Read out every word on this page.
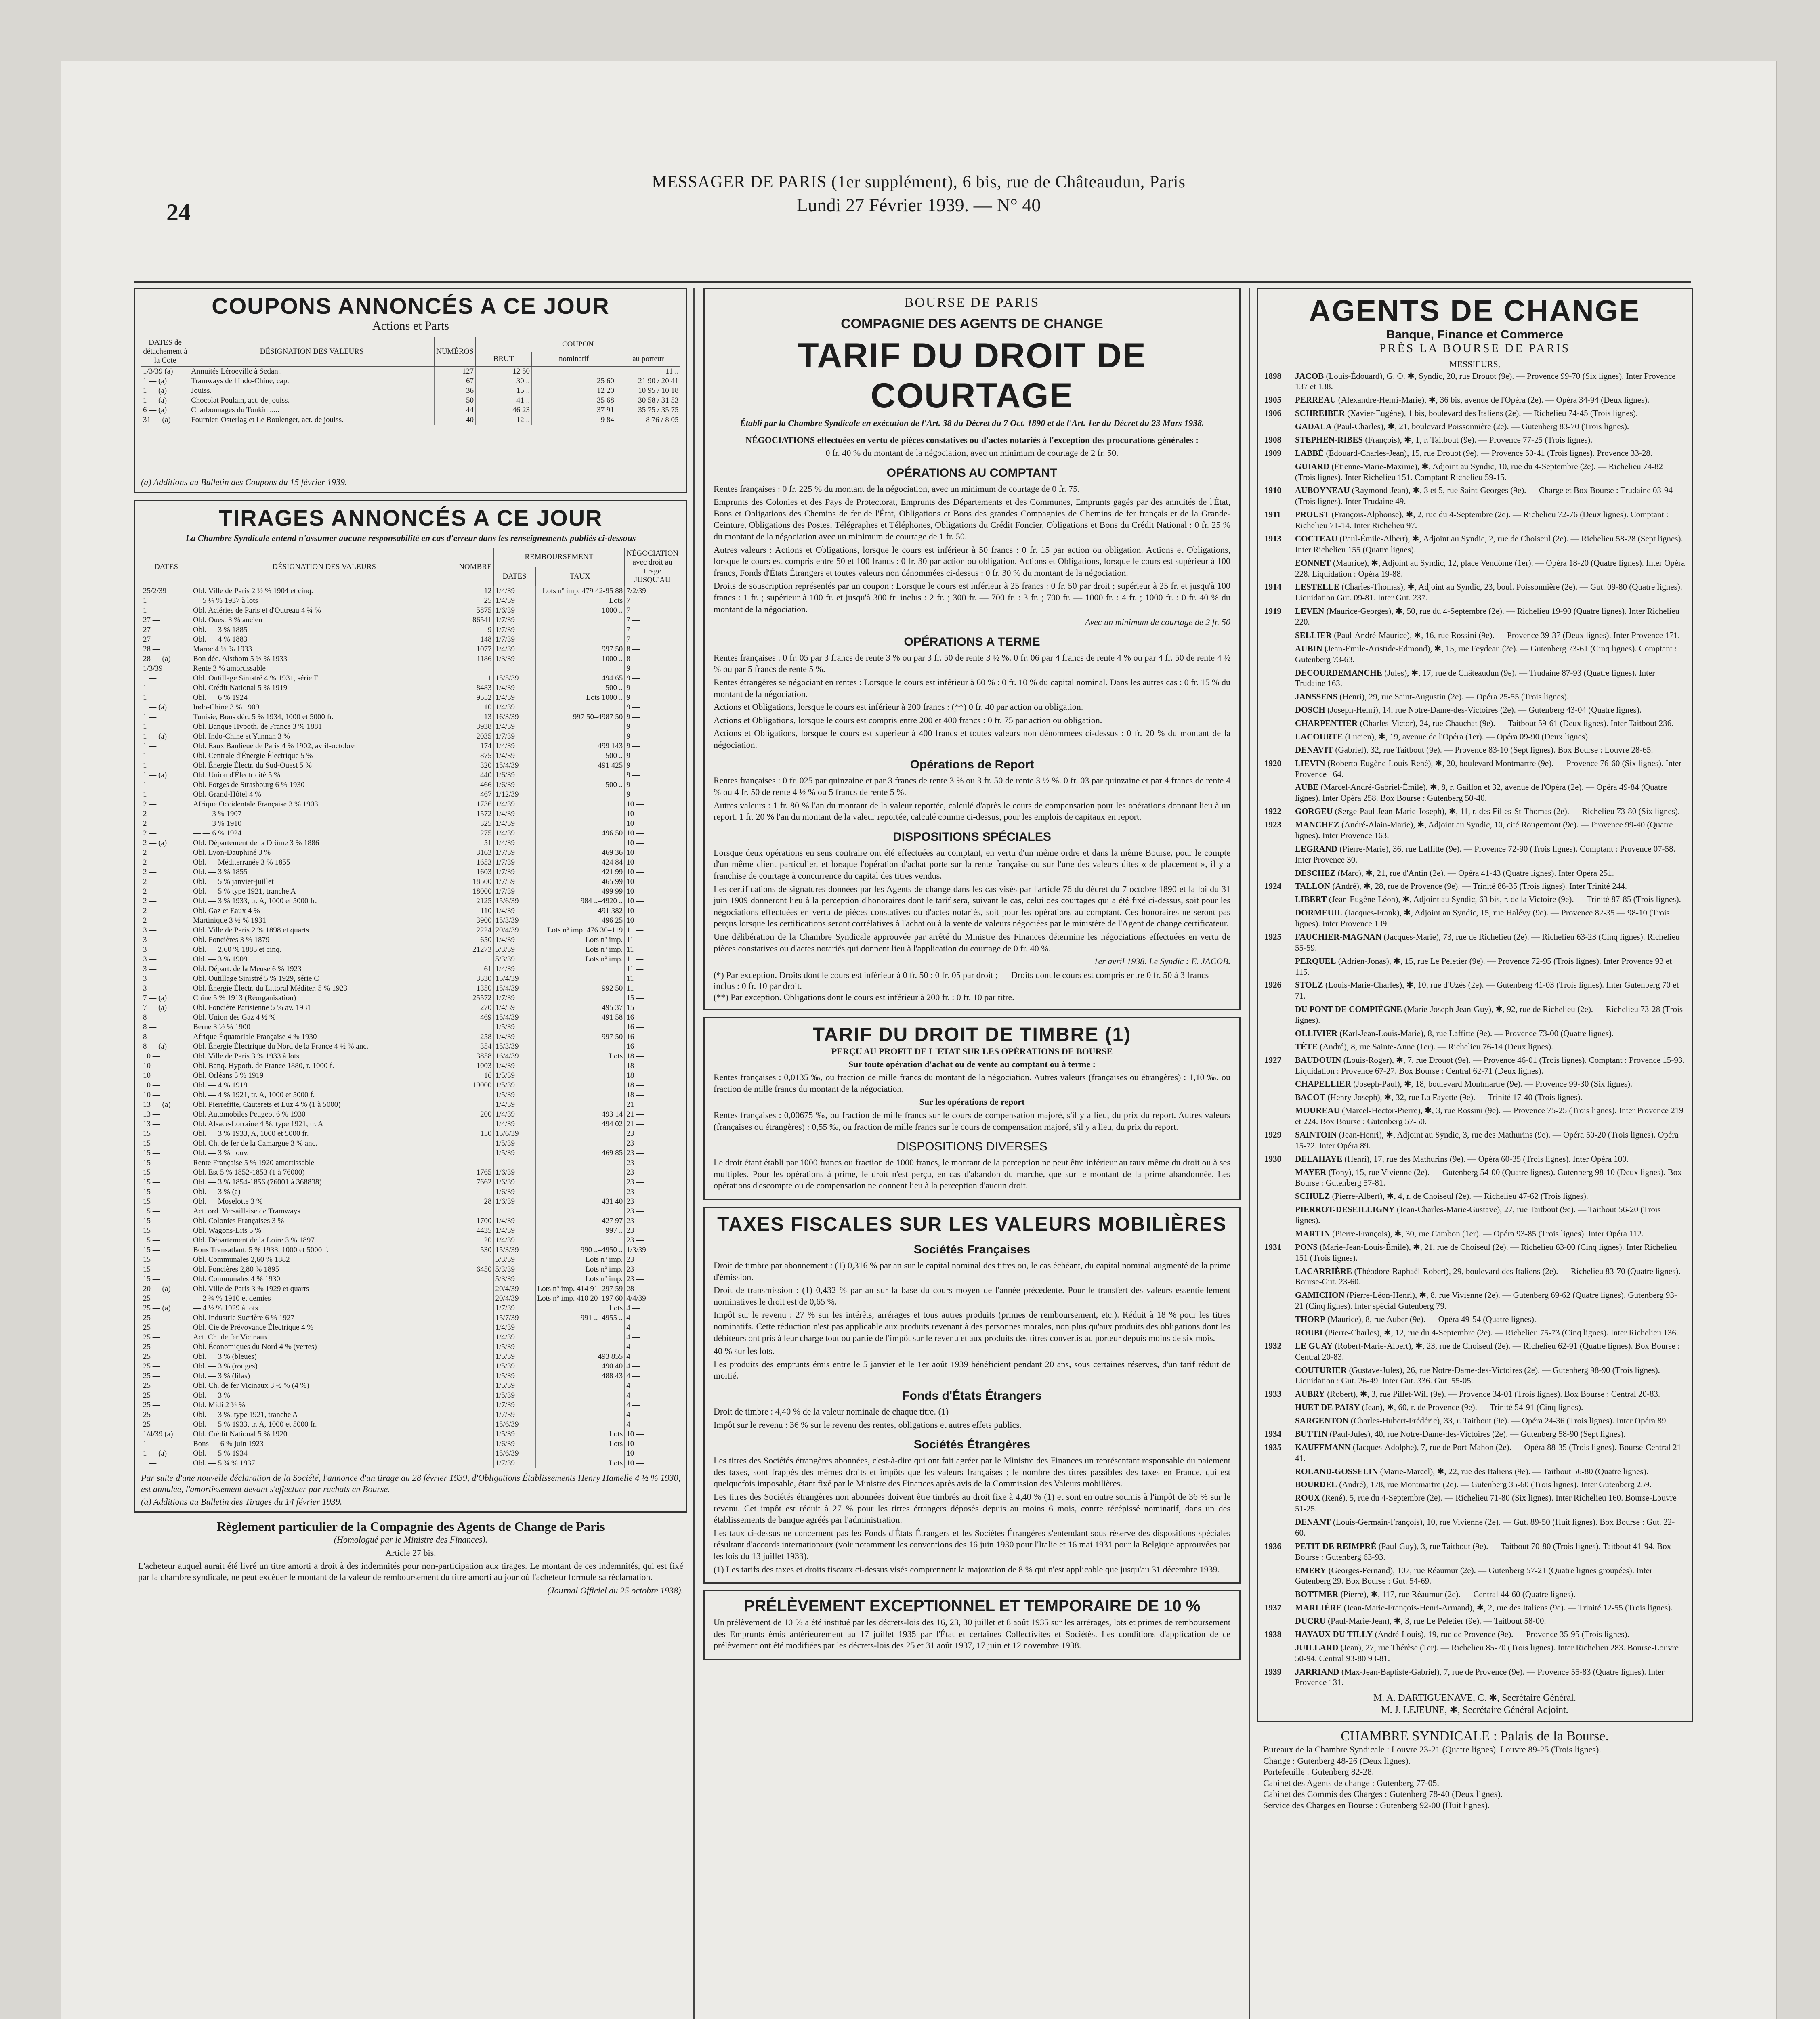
24
MESSAGER DE PARIS (1er supplément), 6 bis, rue de Châteaudun, Paris
Lundi 27 Février 1939. — N° 40
COUPONS ANNONCÉS A CE JOUR
Actions et Parts
DATES de détachement à la Cote	DÉSIGNATION DES VALEURS	NUMÉROS	COUPON		
			BRUT	nominatif	au porteur
1/3/39 (a)	Annuités Léroeville à Sedan..	127	12 50		11 ..
1 — (a)	Tramways de l'Indo-Chine, cap.	67	30 ..	25 60	21 90 / 20 41
1 — (a)	Jouiss.	36	15 ..	12 20	10 95 / 10 18
1 — (a)	Chocolat Poulain, act. de jouiss.	50	41 ..	35 68	30 58 / 31 53
6 — (a)	Charbonnages du Tonkin .....	44	46 23	37 91	35 75 / 35 75
31 — (a)	Fournier, Osterlag et Le Boulenger, act. de jouiss.	40	12 ..	9 84	8 76 / 8 05

(a) Additions au Bulletin des Coupons du 15 février 1939.
TIRAGES ANNONCÉS A CE JOUR
La Chambre Syndicale entend n'assumer aucune responsabilité en cas d'erreur dans les renseignements publiés ci-dessous
DATES	DÉSIGNATION DES VALEURS	NOMBRE	REMBOURSEMENT		NÉGOCIATION avec droit au tirage JUSQU'AU
			DATES	TAUX	
25/2/39	Obl. Ville de Paris 2 ½ % 1904 et cinq.	12	1/4/39	Lots nº imp. 479 42-95 88	7/2/39
1 —	— 5 ¼ % 1937 à lots	25	1/4/39	Lots	7 —
1 —	Obl. Aciéries de Paris et d'Outreau 4 ¾ %	5875	1/6/39	1000 ..	7 —
27 —	Obl. Ouest 3 % ancien	86541	1/7/39		7 —
27 —	Obl. — 3 % 1885	9	1/7/39		7 —
27 —	Obl. — 4 % 1883	148	1/7/39		7 —
28 —	Maroc 4 ½ % 1933	1077	1/4/39	997 50	8 —
28 — (a)	Bon déc. Alsthom 5 ½ % 1933	1186	1/3/39	1000 ..	8 —
1/3/39	Rente 3 % amortissable				9 —
1 —	Obl. Outillage Sinistré 4 % 1931, série E	1	15/5/39	494 65	9 —
1 —	Obl. Crédit National 5 % 1919	8483	1/4/39	500 ..	9 —
1 —	Obl. — 6 % 1924	9552	1/4/39	Lots 1000 ..	9 —
1 — (a)	Indo-Chine 3 % 1909	10	1/4/39		9 —
1 —	Tunisie, Bons déc. 5 % 1934, 1000 et 5000 fr.	13	16/3/39	997 50–4987 50	9 —
1 —	Obl. Banque Hypoth. de France 3 % 1881	3938	1/4/39		9 —
1 — (a)	Obl. Indo-Chine et Yunnan 3 %	2035	1/7/39		9 —
1 —	Obl. Eaux Banlieue de Paris 4 % 1902, avril-octobre	174	1/4/39	499 143	9 —
1 —	Obl. Centrale d'Énergie Électrique 5 %	875	1/4/39	500 ..	9 —
1 —	Obl. Énergie Électr. du Sud-Ouest 5 %	320	15/4/39	491 425	9 —
1 — (a)	Obl. Union d'Électricité 5 %	440	1/6/39		9 —
1 —	Obl. Forges de Strasbourg 6 % 1930	466	1/6/39	500 ..	9 —
1 —	Obl. Grand-Hôtel 4 %	467	1/12/39		9 —
2 —	Afrique Occidentale Française 3 % 1903	1736	1/4/39		10 —
2 —	— — 3 % 1907	1572	1/4/39		10 —
2 —	— — 3 % 1910	325	1/4/39		10 —
2 —	— — 6 % 1924	275	1/4/39	496 50	10 —
2 — (a)	Obl. Département de la Drôme 3 % 1886	51	1/4/39		10 —
2 —	Obl. Lyon-Dauphiné 3 %	3163	1/7/39	469 36	10 —
2 —	Obl. — Méditerranée 3 % 1855	1653	1/7/39	424 84	10 —
2 —	Obl. — 3 % 1855	1603	1/7/39	421 99	10 —
2 —	Obl. — 5 % janvier-juillet	18500	1/7/39	465 99	10 —
2 —	Obl. — 5 % type 1921, tranche A	18000	1/7/39	499 99	10 —
2 —	Obl. — 3 % 1933, tr. A, 1000 et 5000 fr.	2125	15/6/39	984 ..–4920 ..	10 —
2 —	Obl. Gaz et Eaux 4 %	110	1/4/39	491 382	10 —
2 —	Martinique 3 ½ % 1931	3900	15/3/39	496 25	10 —
3 —	Obl. Ville de Paris 2 % 1898 et quarts	2224	20/4/39	Lots nº imp. 476 30–119	11 —
3 —	Obl. Foncières 3 % 1879	650	1/4/39	Lots nº imp.	11 —
3 —	Obl. — 2,60 % 1885 et cinq.	21273	5/3/39	Lots nº imp.	11 —
3 —	Obl. — 3 % 1909		5/3/39	Lots nº imp.	11 —
3 —	Obl. Départ. de la Meuse 6 % 1923	61	1/4/39		11 —
3 —	Obl. Outillage Sinistré 5 % 1929, série C	3330	15/4/39		11 —
3 —	Obl. Énergie Électr. du Littoral Méditer. 5 % 1923	1350	15/4/39	992 50	11 —
7 — (a)	Chine 5 % 1913 (Réorganisation)	25572	1/7/39		15 —
7 — (a)	Obl. Foncière Parisienne 5 % av. 1931	270	1/4/39	495 37	15 —
8 —	Obl. Union des Gaz 4 ½ %	469	15/4/39	491 58	16 —
8 —	Berne 3 ½ % 1900		1/5/39		16 —
8 —	Afrique Équatoriale Française 4 % 1930	258	1/4/39	997 50	16 —
8 — (a)	Obl. Énergie Électrique du Nord de la France 4 ½ % anc.	354	15/3/39		16 —
10 —	Obl. Ville de Paris 3 % 1933 à lots	3858	16/4/39	Lots	18 —
10 —	Obl. Banq. Hypoth. de France 1880, r. 1000 f.	1003	1/4/39		18 —
10 —	Obl. Orléans 5 % 1919	16	1/5/39		18 —
10 —	Obl. — 4 % 1919	19000	1/5/39		18 —
10 —	Obl. — 4 % 1921, tr. A, 1000 et 5000 f.		1/5/39		18 —
13 — (a)	Obl. Pierrefitte, Cauterets et Luz 4 % (1 à 5000)		1/4/39		21 —
13 —	Obl. Automobiles Peugeot 6 % 1930	200	1/4/39	493 14	21 —
13 —	Obl. Alsace-Lorraine 4 %, type 1921, tr. A		1/4/39	494 02	21 —
15 —	Obl. — 3 % 1933, A, 1000 et 5000 fr.	150	15/6/39		23 —
15 —	Obl. Ch. de fer de la Camargue 3 % anc.		1/5/39		23 —
15 —	Obl. — 3 % nouv.		1/5/39	469 85	23 —
15 —	Rente Française 5 % 1920 amortissable				23 —
15 —	Obl. Est 5 % 1852-1853 (1 à 76000)	1765	1/6/39		23 —
15 —	Obl. — 3 % 1854-1856 (76001 à 368838)	7662	1/6/39		23 —
15 —	Obl. — 3 % (a)		1/6/39		23 —
15 —	Obl. — Moselotte 3 %	28	1/6/39	431 40	23 —
15 —	Act. ord. Versaillaise de Tramways				23 —
15 —	Obl. Colonies Françaises 3 %	1700	1/4/39	427 97	23 —
15 —	Obl. Wagons-Lits 5 %	4435	1/4/39	997 ..	23 —
15 —	Obl. Département de la Loire 3 % 1897	20	1/4/39		23 —
15 —	Bons Transatlant. 5 % 1933, 1000 et 5000 f.	530	15/3/39	990 ..–4950 ..	1/3/39
15 —	Obl. Communales 2,60 % 1882		5/3/39	Lots nº imp.	23 —
15 —	Obl. Foncières 2,80 % 1895	6450	5/3/39	Lots nº imp.	23 —
15 —	Obl. Communales 4 % 1930		5/3/39	Lots nº imp.	23 —
20 — (a)	Obl. Ville de Paris 3 % 1929 et quarts		20/4/39	Lots nº imp. 414 91–297 59	28 —
25 —	— 2 ¾ % 1910 et demies		20/4/39	Lots nº imp. 410 20–197 60	4/4/39
25 — (a)	— 4 ½ % 1929 à lots		1/7/39	Lots	4 —
25 —	Obl. Industrie Sucrière 6 % 1927		15/7/39	991 ..–4955 ..	4 —
25 —	Obl. Cie de Prévoyance Électrique 4 %		1/4/39		4 —
25 —	Act. Ch. de fer Vicinaux		1/4/39		4 —
25 —	Obl. Économiques du Nord 4 % (vertes)		1/5/39		4 —
25 —	Obl. — 3 % (bleues)		1/5/39	493 855	4 —
25 —	Obl. — 3 % (rouges)		1/5/39	490 40	4 —
25 —	Obl. — 3 % (lilas)		1/5/39	488 43	4 —
25 —	Obl. Ch. de fer Vicinaux 3 ½ % (4 %)		1/5/39		4 —
25 —	Obl. — 3 %		1/5/39		4 —
25 —	Obl. Midi 2 ½ %		1/7/39		4 —
25 —	Obl. — 3 %, type 1921, tranche A		1/7/39		4 —
25 —	Obl. — 5 % 1933, tr. A, 1000 et 5000 fr.		15/6/39		4 —
1/4/39 (a)	Obl. Crédit National 5 % 1920		1/5/39	Lots	10 —
1 —	Bons — 6 % juin 1923		1/6/39	Lots	10 —
1 — (a)	Obl. — 5 % 1934		15/6/39		10 —
1 —	Obl. — 5 ¾ % 1937		1/7/39	Lots	10 —
Par suite d'une nouvelle déclaration de la Société, l'annonce d'un tirage au 28 février 1939, d'Obligations Établissements Henry Hamelle 4 ½ % 1930, est annulée, l'amortissement devant s'effectuer par rachats en Bourse.
(a) Additions au Bulletin des Tirages du 14 février 1939.
Règlement particulier de la Compagnie des Agents de Change de Paris
(Homologué par le Ministre des Finances).
Article 27 bis.
L'acheteur auquel aurait été livré un titre amorti a droit à des indemnités pour non-participation aux tirages. Le montant de ces indemnités, qui est fixé par la chambre syndicale, ne peut excéder le montant de la valeur de remboursement du titre amorti au jour où l'acheteur formule sa réclamation.
(Journal Officiel du 25 octobre 1938).
BOURSE DE PARIS
COMPAGNIE DES AGENTS DE CHANGE
TARIF DU DROIT DE COURTAGE
Établi par la Chambre Syndicale en exécution de l'Art. 38 du Décret du 7 Oct. 1890 et de l'Art. 1er du Décret du 23 Mars 1938.
NÉGOCIATIONS effectuées en vertu de pièces constatives ou d'actes notariés à l'exception des procurations générales :
0 fr. 40 % du montant de la négociation, avec un minimum de courtage de 2 fr. 50.
OPÉRATIONS AU COMPTANT
Rentes françaises : 0 fr. 225 % du montant de la négociation, avec un minimum de courtage de 0 fr. 75.
Emprunts des Colonies et des Pays de Protectorat, Emprunts des Départements et des Communes, Emprunts gagés par des annuités de l'État, Bons et Obligations des Chemins de fer de l'État, Obligations et Bons des grandes Compagnies de Chemins de fer français et de la Grande-Ceinture, Obligations des Postes, Télégraphes et Téléphones, Obligations du Crédit Foncier, Obligations et Bons du Crédit National : 0 fr. 25 % du montant de la négociation avec un minimum de courtage de 1 fr. 50.
Autres valeurs : Actions et Obligations, lorsque le cours est inférieur à 50 francs : 0 fr. 15 par action ou obligation. Actions et Obligations, lorsque le cours est compris entre 50 et 100 francs : 0 fr. 30 par action ou obligation. Actions et Obligations, lorsque le cours est supérieur à 100 francs, Fonds d'États Étrangers et toutes valeurs non dénommées ci-dessus : 0 fr. 30 % du montant de la négociation.
Droits de souscription représentés par un coupon : Lorsque le cours est inférieur à 25 francs : 0 fr. 50 par droit ; supérieur à 25 fr. et jusqu'à 100 francs : 1 fr. ; supérieur à 100 fr. et jusqu'à 300 fr. inclus : 2 fr. ; 300 fr. — 700 fr. : 3 fr. ; 700 fr. — 1000 fr. : 4 fr. ; 1000 fr. : 0 fr. 40 % du montant de la négociation.
Avec un minimum de courtage de 2 fr. 50
OPÉRATIONS A TERME
Rentes françaises : 0 fr. 05 par 3 francs de rente 3 % ou par 3 fr. 50 de rente 3 ½ %. 0 fr. 06 par 4 francs de rente 4 % ou par 4 fr. 50 de rente 4 ½ % ou par 5 francs de rente 5 %.
Rentes étrangères se négociant en rentes : Lorsque le cours est inférieur à 60 % : 0 fr. 10 % du capital nominal. Dans les autres cas : 0 fr. 15 % du montant de la négociation.
Actions et Obligations, lorsque le cours est inférieur à 200 francs : (**) 0 fr. 40 par action ou obligation.
Actions et Obligations, lorsque le cours est compris entre 200 et 400 francs : 0 fr. 75 par action ou obligation.
Actions et Obligations, lorsque le cours est supérieur à 400 francs et toutes valeurs non dénommées ci-dessus : 0 fr. 20 % du montant de la négociation.
Opérations de Report
Rentes françaises : 0 fr. 025 par quinzaine et par 3 francs de rente 3 % ou 3 fr. 50 de rente 3 ½ %. 0 fr. 03 par quinzaine et par 4 francs de rente 4 % ou 4 fr. 50 de rente 4 ½ % ou 5 francs de rente 5 %.
Autres valeurs : 1 fr. 80 % l'an du montant de la valeur reportée, calculé d'après le cours de compensation pour les opérations donnant lieu à un report. 1 fr. 20 % l'an du montant de la valeur reportée, calculé comme ci-dessus, pour les emplois de capitaux en report.
DISPOSITIONS SPÉCIALES
Lorsque deux opérations en sens contraire ont été effectuées au comptant, en vertu d'un même ordre et dans la même Bourse, pour le compte d'un même client particulier, et lorsque l'opération d'achat porte sur la rente française ou sur l'une des valeurs dites « de placement », il y a franchise de courtage à concurrence du capital des titres vendus.
Les certifications de signatures données par les Agents de change dans les cas visés par l'article 76 du décret du 7 octobre 1890 et la loi du 31 juin 1909 donneront lieu à la perception d'honoraires dont le tarif sera, suivant le cas, celui des courtages qui a été fixé ci-dessus, soit pour les négociations effectuées en vertu de pièces constatives ou d'actes notariés, soit pour les opérations au comptant. Ces honoraires ne seront pas perçus lorsque les certifications seront corrélatives à l'achat ou à la vente de valeurs négociées par le ministère de l'Agent de change certificateur.
Une délibération de la Chambre Syndicale approuvée par arrêté du Ministre des Finances détermine les négociations effectuées en vertu de pièces constatives ou d'actes notariés qui donnent lieu à l'application du courtage de 0 fr. 40 %.
1er avril 1938. Le Syndic : E. JACOB.
(*) Par exception. Droits dont le cours est inférieur à 0 fr. 50 : 0 fr. 05 par droit ; — Droits dont le cours est compris entre 0 fr. 50 à 3 francs inclus : 0 fr. 10 par droit.
(**) Par exception. Obligations dont le cours est inférieur à 200 fr. : 0 fr. 10 par titre.
TARIF DU DROIT DE TIMBRE (1)
PERÇU AU PROFIT DE L'ÉTAT SUR LES OPÉRATIONS DE BOURSE
Sur toute opération d'achat ou de vente au comptant ou à terme :
Rentes françaises : 0,0135 ‰, ou fraction de mille francs du montant de la négociation. Autres valeurs (françaises ou étrangères) : 1,10 ‰, ou fraction de mille francs du montant de la négociation.
Sur les opérations de report
Rentes françaises : 0,00675 ‰, ou fraction de mille francs sur le cours de compensation majoré, s'il y a lieu, du prix du report. Autres valeurs (françaises ou étrangères) : 0,55 ‰, ou fraction de mille francs sur le cours de compensation majoré, s'il y a lieu, du prix du report.
DISPOSITIONS DIVERSES
Le droit étant établi par 1000 francs ou fraction de 1000 francs, le montant de la perception ne peut être inférieur au taux même du droit ou à ses multiples. Pour les opérations à prime, le droit n'est perçu, en cas d'abandon du marché, que sur le montant de la prime abandonnée. Les opérations d'escompte ou de compensation ne donnent lieu à la perception d'aucun droit.
TAXES FISCALES SUR LES VALEURS MOBILIÈRES
Sociétés Françaises
Droit de timbre par abonnement : (1) 0,316 % par an sur le capital nominal des titres ou, le cas échéant, du capital nominal augmenté de la prime d'émission.
Droit de transmission : (1) 0,432 % par an sur la base du cours moyen de l'année précédente. Pour le transfert des valeurs essentiellement nominatives le droit est de 0,65 %.
Impôt sur le revenu : 27 % sur les intérêts, arrérages et tous autres produits (primes de remboursement, etc.). Réduit à 18 % pour les titres nominatifs. Cette réduction n'est pas applicable aux produits revenant à des personnes morales, non plus qu'aux produits des obligations dont les débiteurs ont pris à leur charge tout ou partie de l'impôt sur le revenu et aux produits des titres convertis au porteur depuis moins de six mois.
40 % sur les lots.
Les produits des emprunts émis entre le 5 janvier et le 1er août 1939 bénéficient pendant 20 ans, sous certaines réserves, d'un tarif réduit de moitié.
Fonds d'États Étrangers
Droit de timbre : 4,40 % de la valeur nominale de chaque titre. (1)
Impôt sur le revenu : 36 % sur le revenu des rentes, obligations et autres effets publics.
Sociétés Étrangères
Les titres des Sociétés étrangères abonnées, c'est-à-dire qui ont fait agréer par le Ministre des Finances un représentant responsable du paiement des taxes, sont frappés des mêmes droits et impôts que les valeurs françaises ; le nombre des titres passibles des taxes en France, qui est quelquefois imposable, étant fixé par le Ministre des Finances après avis de la Commission des Valeurs mobilières.
Les titres des Sociétés étrangères non abonnées doivent être timbrés au droit fixe à 4,40 % (1) et sont en outre soumis à l'impôt de 36 % sur le revenu. Cet impôt est réduit à 27 % pour les titres étrangers déposés depuis au moins 6 mois, contre récépissé nominatif, dans un des établissements de banque agréés par l'administration.
Les taux ci-dessus ne concernent pas les Fonds d'États Étrangers et les Sociétés Étrangères s'entendant sous réserve des dispositions spéciales résultant d'accords internationaux (voir notamment les conventions des 16 juin 1930 pour l'Italie et 16 mai 1931 pour la Belgique approuvées par les lois du 13 juillet 1933).
(1) Les tarifs des taxes et droits fiscaux ci-dessus visés comprennent la majoration de 8 % qui n'est applicable que jusqu'au 31 décembre 1939.
PRÉLÈVEMENT EXCEPTIONNEL ET TEMPORAIRE DE 10 %
Un prélèvement de 10 % a été institué par les décrets-lois des 16, 23, 30 juillet et 8 août 1935 sur les arrérages, lots et primes de remboursement des Emprunts émis antérieurement au 17 juillet 1935 par l'État et certaines Collectivités et Sociétés. Les conditions d'application de ce prélèvement ont été modifiées par les décrets-lois des 25 et 31 août 1937, 17 juin et 12 novembre 1938.
AGENTS DE CHANGE
Banque, Finance et Commerce
PRÈS LA BOURSE DE PARIS
MESSIEURS,
1898 JACOB (Louis-Édouard), G. O. ✱, Syndic, 20, rue Drouot (9e). — Provence 99-70 (Six lignes). Inter Provence 137 et 138.
1905 PERREAU (Alexandre-Henri-Marie), ✱, 36 bis, avenue de l'Opéra (2e). — Opéra 34-94 (Deux lignes).
1906 SCHREIBER (Xavier-Eugène), 1 bis, boulevard des Italiens (2e). — Richelieu 74-45 (Trois lignes).
GADALA (Paul-Charles), ✱, 21, boulevard Poissonnière (2e). — Gutenberg 83-70 (Trois lignes).
1908 STEPHEN-RIBES (François), ✱, 1, r. Taitbout (9e). — Provence 77-25 (Trois lignes).
1909 LABBÉ (Édouard-Charles-Jean), 15, rue Drouot (9e). — Provence 50-41 (Trois lignes). Provence 33-28.
GUIARD (Étienne-Marie-Maxime), ✱, Adjoint au Syndic, 10, rue du 4-Septembre (2e). — Richelieu 74-82 (Trois lignes). Inter Richelieu 151. Comptant Richelieu 59-15.
1910 AUBOYNEAU (Raymond-Jean), ✱, 3 et 5, rue Saint-Georges (9e). — Charge et Box Bourse : Trudaine 03-94 (Trois lignes). Inter Trudaine 49.
1911 PROUST (François-Alphonse), ✱, 2, rue du 4-Septembre (2e). — Richelieu 72-76 (Deux lignes). Comptant : Richelieu 71-14. Inter Richelieu 97.
1913 COCTEAU (Paul-Émile-Albert), ✱, Adjoint au Syndic, 2, rue de Choiseul (2e). — Richelieu 58-28 (Sept lignes). Inter Richelieu 155 (Quatre lignes).
EONNET (Maurice), ✱, Adjoint au Syndic, 12, place Vendôme (1er). — Opéra 18-20 (Quatre lignes). Inter Opéra 228. Liquidation : Opéra 19-88.
1914 LESTELLE (Charles-Thomas), ✱, Adjoint au Syndic, 23, boul. Poissonnière (2e). — Gut. 09-80 (Quatre lignes). Liquidation Gut. 09-81. Inter Gut. 237.
1919 LEVEN (Maurice-Georges), ✱, 50, rue du 4-Septembre (2e). — Richelieu 19-90 (Quatre lignes). Inter Richelieu 220.
SELLIER (Paul-André-Maurice), ✱, 16, rue Rossini (9e). — Provence 39-37 (Deux lignes). Inter Provence 171.
AUBIN (Jean-Émile-Aristide-Edmond), ✱, 15, rue Feydeau (2e). — Gutenberg 73-61 (Cinq lignes). Comptant : Gutenberg 73-63.
DECOURDEMANCHE (Jules), ✱, 17, rue de Châteaudun (9e). — Trudaine 87-93 (Quatre lignes). Inter Trudaine 163.
JANSSENS (Henri), 29, rue Saint-Augustin (2e). — Opéra 25-55 (Trois lignes).
DOSCH (Joseph-Henri), 14, rue Notre-Dame-des-Victoires (2e). — Gutenberg 43-04 (Quatre lignes).
CHARPENTIER (Charles-Victor), 24, rue Chauchat (9e). — Taitbout 59-61 (Deux lignes). Inter Taitbout 236.
LACOURTE (Lucien), ✱, 19, avenue de l'Opéra (1er). — Opéra 09-90 (Deux lignes).
DENAVIT (Gabriel), 32, rue Taitbout (9e). — Provence 83-10 (Sept lignes). Box Bourse : Louvre 28-65.
1920 LIEVIN (Roberto-Eugène-Louis-René), ✱, 20, boulevard Montmartre (9e). — Provence 76-60 (Six lignes). Inter Provence 164.
AUBE (Marcel-André-Gabriel-Émile), ✱, 8, r. Gaillon et 32, avenue de l'Opéra (2e). — Opéra 49-84 (Quatre lignes). Inter Opéra 258. Box Bourse : Gutenberg 50-40.
1922 GORGEU (Serge-Paul-Jean-Marie-Joseph), ✱, 11, r. des Filles-St-Thomas (2e). — Richelieu 73-80 (Six lignes).
1923 MANCHEZ (André-Alain-Marie), ✱, Adjoint au Syndic, 10, cité Rougemont (9e). — Provence 99-40 (Quatre lignes). Inter Provence 163.
LEGRAND (Pierre-Marie), 36, rue Laffitte (9e). — Provence 72-90 (Trois lignes). Comptant : Provence 07-58. Inter Provence 30.
DESCHEZ (Marc), ✱, 21, rue d'Antin (2e). — Opéra 41-43 (Quatre lignes). Inter Opéra 251.
1924 TALLON (André), ✱, 28, rue de Provence (9e). — Trinité 86-35 (Trois lignes). Inter Trinité 244.
LIBERT (Jean-Eugène-Léon), ✱, Adjoint au Syndic, 63 bis, r. de la Victoire (9e). — Trinité 87-85 (Trois lignes).
DORMEUIL (Jacques-Frank), ✱, Adjoint au Syndic, 15, rue Halévy (9e). — Provence 82-35 — 98-10 (Trois lignes). Inter Provence 139.
1925 FAUCHIER-MAGNAN (Jacques-Marie), 73, rue de Richelieu (2e). — Richelieu 63-23 (Cinq lignes). Richelieu 55-59.
PERQUEL (Adrien-Jonas), ✱, 15, rue Le Peletier (9e). — Provence 72-95 (Trois lignes). Inter Provence 93 et 115.
1926 STOLZ (Louis-Marie-Charles), ✱, 10, rue d'Uzès (2e). — Gutenberg 41-03 (Trois lignes). Inter Gutenberg 70 et 71.
DU PONT DE COMPIÈGNE (Marie-Joseph-Jean-Guy), ✱, 92, rue de Richelieu (2e). — Richelieu 73-28 (Trois lignes).
OLLIVIER (Karl-Jean-Louis-Marie), 8, rue Laffitte (9e). — Provence 73-00 (Quatre lignes).
TÊTE (André), 8, rue Sainte-Anne (1er). — Richelieu 76-14 (Deux lignes).
1927 BAUDOUIN (Louis-Roger), ✱, 7, rue Drouot (9e). — Provence 46-01 (Trois lignes). Comptant : Provence 15-93. Liquidation : Provence 67-27. Box Bourse : Central 62-71 (Deux lignes).
CHAPELLIER (Joseph-Paul), ✱, 18, boulevard Montmartre (9e). — Provence 99-30 (Six lignes).
BACOT (Henry-Joseph), ✱, 32, rue La Fayette (9e). — Trinité 17-40 (Trois lignes).
MOUREAU (Marcel-Hector-Pierre), ✱, 3, rue Rossini (9e). — Provence 75-25 (Trois lignes). Inter Provence 219 et 224. Box Bourse : Gutenberg 57-50.
1929 SAINTOIN (Jean-Henri), ✱, Adjoint au Syndic, 3, rue des Mathurins (9e). — Opéra 50-20 (Trois lignes). Opéra 15-72. Inter Opéra 89.
1930 DELAHAYE (Henri), 17, rue des Mathurins (9e). — Opéra 60-35 (Trois lignes). Inter Opéra 100.
MAYER (Tony), 15, rue Vivienne (2e). — Gutenberg 54-00 (Quatre lignes). Gutenberg 98-10 (Deux lignes). Box Bourse : Gutenberg 57-81.
SCHULZ (Pierre-Albert), ✱, 4, r. de Choiseul (2e). — Richelieu 47-62 (Trois lignes).
PIERROT-DESEILLIGNY (Jean-Charles-Marie-Gustave), 27, rue Taitbout (9e). — Taitbout 56-20 (Trois lignes).
MARTIN (Pierre-François), ✱, 30, rue Cambon (1er). — Opéra 93-85 (Trois lignes). Inter Opéra 112.
1931 PONS (Marie-Jean-Louis-Émile), ✱, 21, rue de Choiseul (2e). — Richelieu 63-00 (Cinq lignes). Inter Richelieu 151 (Trois lignes).
LACARRIÈRE (Théodore-Raphaël-Robert), 29, boulevard des Italiens (2e). — Richelieu 83-70 (Quatre lignes). Bourse-Gut. 23-60.
GAMICHON (Pierre-Léon-Henri), ✱, 8, rue Vivienne (2e). — Gutenberg 69-62 (Quatre lignes). Gutenberg 93-21 (Cinq lignes). Inter spécial Gutenberg 79.
THORP (Maurice), 8, rue Auber (9e). — Opéra 49-54 (Quatre lignes).
ROUBI (Pierre-Charles), ✱, 12, rue du 4-Septembre (2e). — Richelieu 75-73 (Cinq lignes). Inter Richelieu 136.
1932 LE GUAY (Robert-Marie-Albert), ✱, 23, rue de Choiseul (2e). — Richelieu 62-91 (Quatre lignes). Box Bourse : Central 20-83.
COUTURIER (Gustave-Jules), 26, rue Notre-Dame-des-Victoires (2e). — Gutenberg 98-90 (Trois lignes). Liquidation : Gut. 26-49. Inter Gut. 336. Gut. 55-05.
1933 AUBRY (Robert), ✱, 3, rue Pillet-Will (9e). — Provence 34-01 (Trois lignes). Box Bourse : Central 20-83.
HUET DE PAISY (Jean), ✱, 60, r. de Provence (9e). — Trinité 54-91 (Cinq lignes).
SARGENTON (Charles-Hubert-Frédéric), 33, r. Taitbout (9e). — Opéra 24-36 (Trois lignes). Inter Opéra 89.
1934 BUTTIN (Paul-Jules), 40, rue Notre-Dame-des-Victoires (2e). — Gutenberg 58-90 (Sept lignes).
1935 KAUFFMANN (Jacques-Adolphe), 7, rue de Port-Mahon (2e). — Opéra 88-35 (Trois lignes). Bourse-Central 21-41.
ROLAND-GOSSELIN (Marie-Marcel), ✱, 22, rue des Italiens (9e). — Taitbout 56-80 (Quatre lignes).
BOURDEL (André), 178, rue Montmartre (2e). — Gutenberg 35-60 (Trois lignes). Inter Gutenberg 259.
ROUX (René), 5, rue du 4-Septembre (2e). — Richelieu 71-80 (Six lignes). Inter Richelieu 160. Bourse-Louvre 51-25.
DENANT (Louis-Germain-François), 10, rue Vivienne (2e). — Gut. 89-50 (Huit lignes). Box Bourse : Gut. 22-60.
1936 PETIT DE REIMPRÉ (Paul-Guy), 3, rue Taitbout (9e). — Taitbout 70-80 (Trois lignes). Taitbout 41-94. Box Bourse : Gutenberg 63-93.
EMERY (Georges-Fernand), 107, rue Réaumur (2e). — Gutenberg 57-21 (Quatre lignes groupées). Inter Gutenberg 29. Box Bourse : Gut. 54-69.
BOTTMER (Pierre), ✱, 117, rue Réaumur (2e). — Central 44-60 (Quatre lignes).
1937 MARLIÈRE (Jean-Marie-François-Henri-Armand), ✱, 2, rue des Italiens (9e). — Trinité 12-55 (Trois lignes).
DUCRU (Paul-Marie-Jean), ✱, 3, rue Le Peletier (9e). — Taitbout 58-00.
1938 HAYAUX DU TILLY (André-Louis), 19, rue de Provence (9e). — Provence 35-95 (Trois lignes).
JUILLARD (Jean), 27, rue Thérèse (1er). — Richelieu 85-70 (Trois lignes). Inter Richelieu 283. Bourse-Louvre 50-94. Central 93-80 93-81.
1939 JARRIAND (Max-Jean-Baptiste-Gabriel), 7, rue de Provence (9e). — Provence 55-83 (Quatre lignes). Inter Provence 131.
M. A. DARTIGUENAVE, C. ✱, Secrétaire Général.
M. J. LEJEUNE, ✱, Secrétaire Général Adjoint.
CHAMBRE SYNDICALE : Palais de la Bourse.
Bureaux de la Chambre Syndicale : Louvre 23-21 (Quatre lignes). Louvre 89-25 (Trois lignes).
Change : Gutenberg 48-26 (Deux lignes).
Portefeuille : Gutenberg 82-28.
Cabinet des Agents de change : Gutenberg 77-05.
Cabinet des Commis des Charges : Gutenberg 78-40 (Deux lignes).
Service des Charges en Bourse : Gutenberg 92-00 (Huit lignes).
